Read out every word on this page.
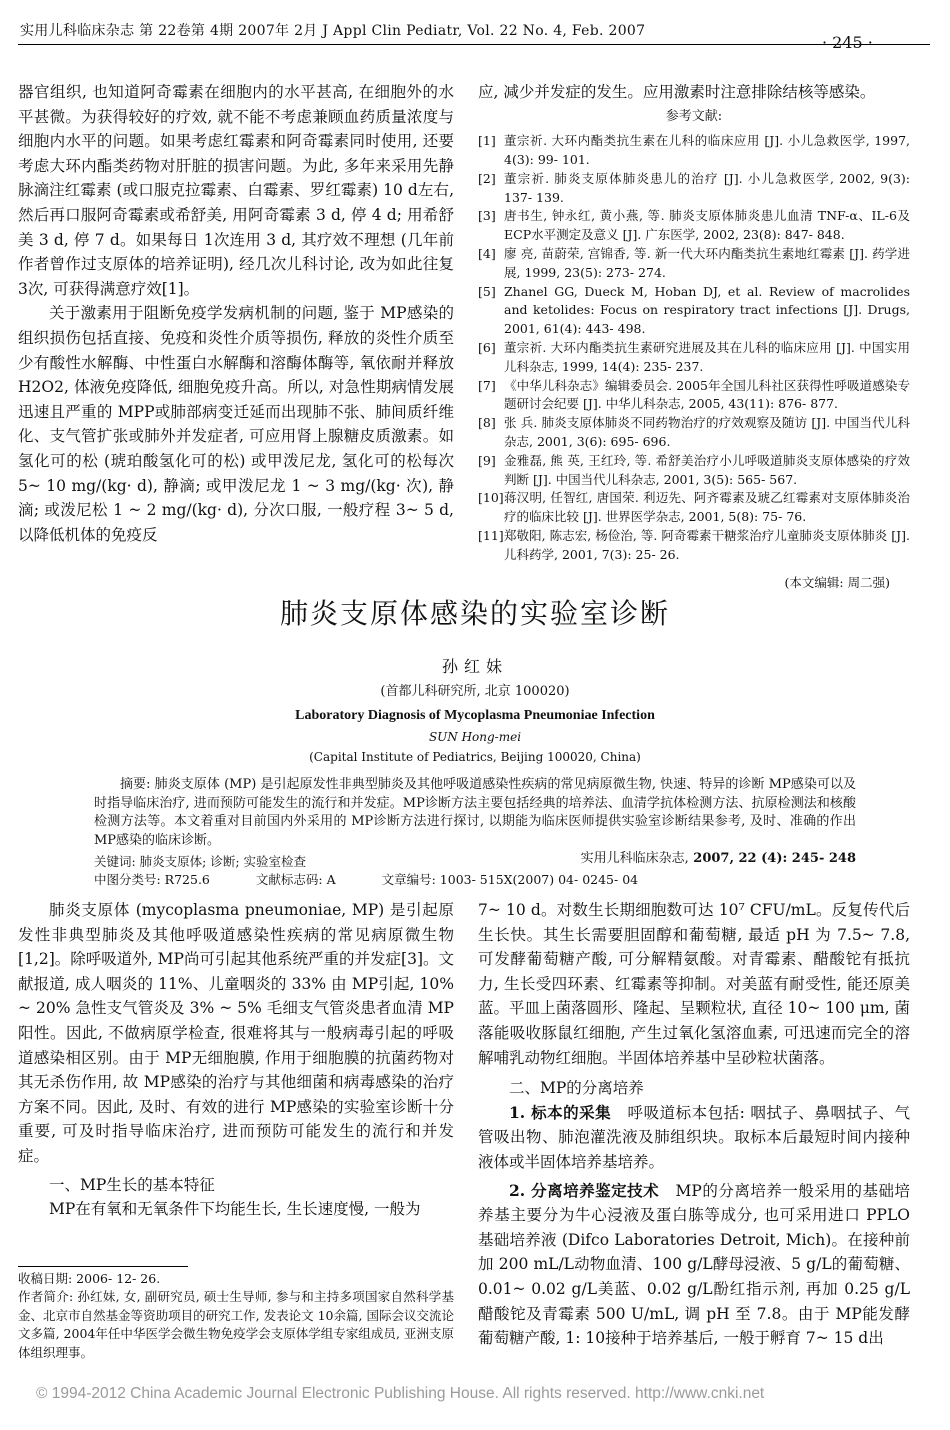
实用儿科临床杂志 第 22卷第 4期 2007年 2月 J Appl Clin Pediatr, Vol. 22 No. 4, Feb. 2007
· 245 ·

器官组织, 也知道阿奇霉素在细胞内的水平甚高, 在细胞外的水平甚微。为获得较好的疗效, 就不能不考虑兼顾血药质量浓度与细胞内水平的问题。如果考虑红霉素和阿奇霉素同时使用, 还要考虑大环内酯类药物对肝脏的损害问题。为此, 多年来采用先静脉滴注红霉素 (或口服克拉霉素、白霉素、罗红霉素) 10 d左右, 然后再口服阿奇霉素或希舒美, 用阿奇霉素 3 d, 停 4 d; 用希舒美 3 d, 停 7 d。如果每日 1次连用 3 d, 其疗效不理想 (几年前作者曾作过支原体的培养证明), 经几次儿科讨论, 改为如此往复 3次, 可获得满意疗效[1]。

关于激素用于阻断免疫学发病机制的问题, 鉴于 MP感染的组织损伤包括直接、免疫和炎性介质等损伤, 释放的炎性介质至少有酸性水解酶、中性蛋白水解酶和溶酶体酶等, 氧依耐并释放 H2O2, 体液免疫降低, 细胞免疫升高。所以, 对急性期病情发展迅速且严重的 MPP或肺部病变迁延而出现肺不张、肺间质纤维化、支气管扩张或肺外并发症者, 可应用肾上腺糖皮质激素。如氢化可的松 (琥珀酸氢化可的松) 或甲泼尼龙, 氢化可的松每次 5~ 10 mg/(kg· d), 静滴; 或甲泼尼龙 1 ~ 3 mg/(kg· 次), 静滴; 或泼尼松 1 ~ 2 mg/(kg· d), 分次口服, 一般疗程 3~ 5 d, 以降低机体的免疫反

应, 减少并发症的发生。应用激素时注意排除结核等感染。

参考文献:
[1] 董宗祈. 大环内酯类抗生素在儿科的临床应用 [J]. 小儿急救医学, 1997, 4(3): 99- 101.
[2] 董宗祈. 肺炎支原体肺炎患儿的治疗 [J]. 小儿急救医学, 2002, 9(3): 137- 139.
[3] 唐书生, 钟永红, 黄小燕, 等. 肺炎支原体肺炎患儿血清 TNF-α、IL-6及ECP水平测定及意义 [J]. 广东医学, 2002, 23(8): 847- 848.
[4] 廖 亮, 苗蔚荣, 宫锦香, 等. 新一代大环内酯类抗生素地红霉素 [J]. 药学进展, 1999, 23(5): 273- 274.
[5] Zhanel GG, Dueck M, Hoban DJ, et al. Review of macrolides and ketolides: Focus on respiratory tract infections [J]. Drugs, 2001, 61(4): 443- 498.
[6] 董宗祈. 大环内酯类抗生素研究进展及其在儿科的临床应用 [J]. 中国实用儿科杂志, 1999, 14(4): 235- 237.
[7] 《中华儿科杂志》编辑委员会. 2005年全国儿科社区获得性呼吸道感染专题研讨会纪要 [J]. 中华儿科杂志, 2005, 43(11): 876- 877.
[8] 张 兵. 肺炎支原体肺炎不同药物治疗的疗效观察及随访 [J]. 中国当代儿科杂志, 2001, 3(6): 695- 696.
[9] 金雅磊, 熊 英, 王红玲, 等. 希舒美治疗小儿呼吸道肺炎支原体感染的疗效判断 [J]. 中国当代儿科杂志, 2001, 3(5): 565- 567.
[10] 蒋汉明, 任智红, 唐国荣. 利迈先、阿齐霉素及琥乙红霉素对支原体肺炎治疗的临床比较 [J]. 世界医学杂志, 2001, 5(8): 75- 76.
[11] 郑敬阳, 陈志宏, 杨俭治, 等. 阿奇霉素干糖浆治疗儿童肺炎支原体肺炎 [J]. 儿科药学, 2001, 7(3): 25- 26.
(本文编辑: 周二强)
肺炎支原体感染的实验室诊断
孙红妹
(首都儿科研究所, 北京 100020)
Laboratory Diagnosis of Mycoplasma Pneumoniae Infection
SUN Hong-mei
(Capital Institute of Pediatrics, Beijing 100020, China)
摘要: 肺炎支原体 (MP) 是引起原发性非典型肺炎及其他呼吸道感染性疾病的常见病原微生物, 快速、特异的诊断 MP感染可以及时指导临床治疗, 进而预防可能发生的流行和并发症。MP诊断方法主要包括经典的培养法、血清学抗体检测方法、抗原检测法和核酸检测方法等。本文着重对目前国内外采用的 MP诊断方法进行探讨, 以期能为临床医师提供实验室诊断结果参考, 及时、准确的作出 MP感染的临床诊断。
实用儿科临床杂志, 2007, 22 (4): 245- 248
关键词: 肺炎支原体; 诊断; 实验室检查
中图分类号: R725.6	文献标志码: A	文章编号: 1003- 515X(2007) 04- 0245- 04

肺炎支原体 (mycoplasma pneumoniae, MP) 是引起原发性非典型肺炎及其他呼吸道感染性疾病的常见病原微生物[1,2]。除呼吸道外, MP尚可引起其他系统严重的并发症[3]。文献报道, 成人咽炎的 11%、儿童咽炎的 33% 由 MP引起, 10% ~ 20% 急性支气管炎及 3% ~ 5% 毛细支气管炎患者血清 MP阳性。因此, 不做病原学检查, 很难将其与一般病毒引起的呼吸道感染相区别。由于 MP无细胞膜, 作用于细胞膜的抗菌药物对其无杀伤作用, 故 MP感染的治疗与其他细菌和病毒感染的治疗方案不同。因此, 及时、有效的进行 MP感染的实验室诊断十分重要, 可及时指导临床治疗, 进而预防可能发生的流行和并发症。

一、MP生长的基本特征

MP在有氧和无氧条件下均能生长, 生长速度慢, 一般为

7~ 10 d。对数生长期细胞数可达 10⁷ CFU/mL。反复传代后生长快。其生长需要胆固醇和葡萄糖, 最适 pH 为 7.5~ 7.8, 可发酵葡萄糖产酸, 可分解精氨酸。对青霉素、醋酸铊有抵抗力, 生长受四环素、红霉素等抑制。对美蓝有耐受性, 能还原美蓝。平皿上菌落圆形、隆起、呈颗粒状, 直径 10~ 100 μm, 菌落能吸收豚鼠红细胞, 产生过氧化氢溶血素, 可迅速而完全的溶解哺乳动物红细胞。半固体培养基中呈砂粒状菌落。

二、MP的分离培养

1. 标本的采集 呼吸道标本包括: 咽拭子、鼻咽拭子、气管吸出物、肺泡灌洗液及肺组织块。取标本后最短时间内接种液体或半固体培养基培养。

2. 分离培养鉴定技术 MP的分离培养一般采用的基础培养基主要分为牛心浸液及蛋白胨等成分, 也可采用进口 PPLO 基础培养液 (Difco Laboratories Detroit, Mich)。在接种前加 200 mL/L动物血清、100 g/L酵母浸液、5 g/L的葡萄糖、0.01~ 0.02 g/L美蓝、0.02 g/L酚红指示剂, 再加 0.25 g/L醋酸铊及青霉素 500 U/mL, 调 pH 至 7.8。由于 MP能发酵葡萄糖产酸, 1: 10接种于培养基后, 一般于孵育 7~ 15 d出

收稿日期: 2006- 12- 26.
作者简介: 孙红妹, 女, 副研究员, 硕士生导师, 参与和主持多项国家自然科学基金、北京市自然基金等资助项目的研究工作, 发表论文 10余篇, 国际会议交流论文多篇, 2004年任中华医学会微生物免疫学会支原体学组专家组成员, 亚洲支原体组织理事。
© 1994-2012 China Academic Journal Electronic Publishing House. All rights reserved. http://www.cnki.net
